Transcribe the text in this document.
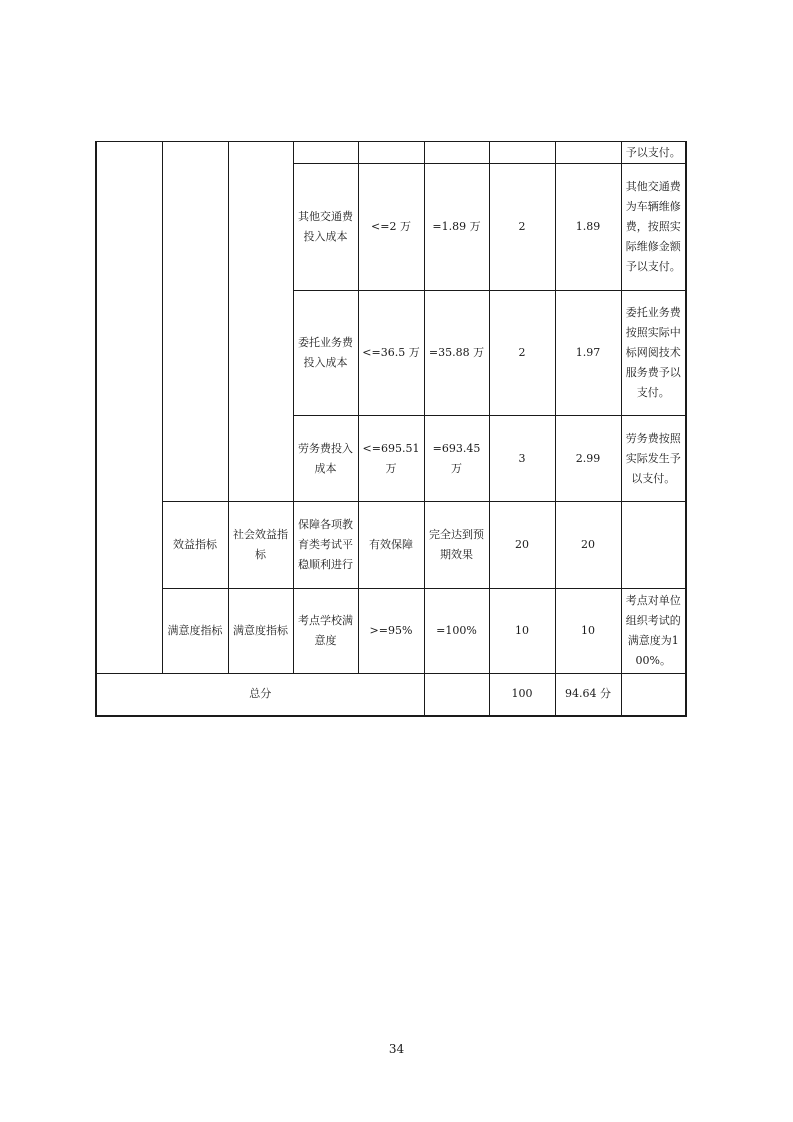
								予以支付。
			其他交通费投入成本	<=2 万	=1.89 万	2	1.89	其他交通费为车辆维修费，按照实际维修金额予以支付。
			委托业务费投入成本	<=36.5 万	=35.88 万	2	1.97	委托业务费按照实际中标网阅技术服务费予以支付。
			劳务费投入成本	<=695.51 万	=693.45 万	3	2.99	劳务费按照实际发生予以支付。
	效益指标	社会效益指标	保障各项教育类考试平稳顺利进行	有效保障	完全达到预期效果	20	20	
	满意度指标	满意度指标	考点学校满意度	>=95%	=100%	10	10	考点对单位组织考试的满意度为100%。
总分						100	94.64 分	
34
